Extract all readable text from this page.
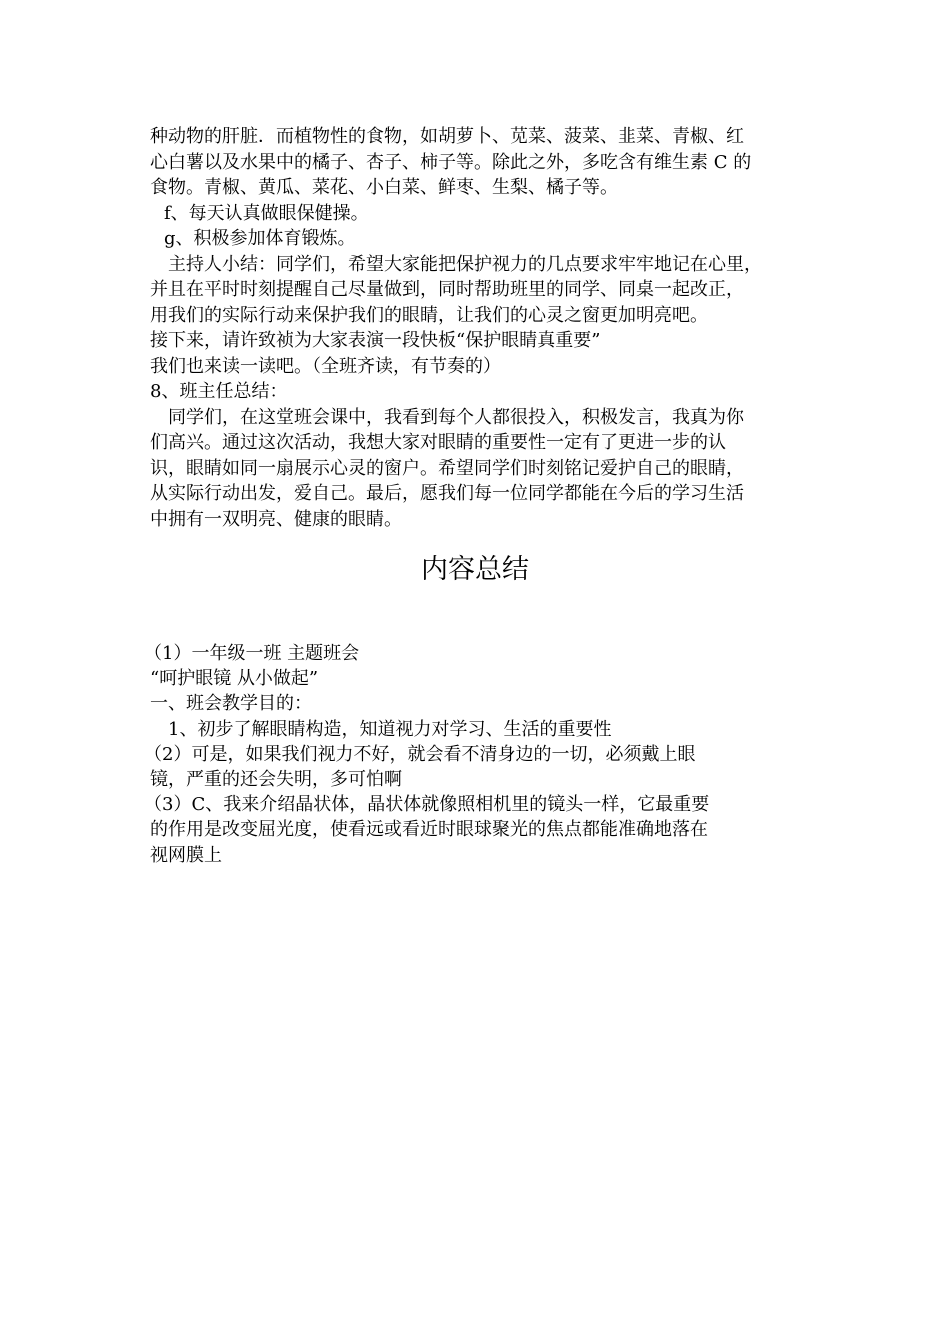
种动物的肝脏．而植物性的食物，如胡萝卜、苋菜、菠菜、韭菜、青椒、红

心白薯以及水果中的橘子、杏子、柿子等。除此之外，多吃含有维生素 C 的

食物。青椒、黄瓜、菜花、小白菜、鲜枣、生梨、橘子等。

f、每天认真做眼保健操。

g、积极参加体育锻炼。

主持人小结：同学们，希望大家能把保护视力的几点要求牢牢地记在心里，

并且在平时时刻提醒自己尽量做到，同时帮助班里的同学、同桌一起改正，

用我们的实际行动来保护我们的眼睛，让我们的心灵之窗更加明亮吧。

接下来，请许致祯为大家表演一段快板“保护眼睛真重要”

我们也来读一读吧。（全班齐读，有节奏的）

8、班主任总结：

同学们，在这堂班会课中，我看到每个人都很投入，积极发言，我真为你

们高兴。通过这次活动，我想大家对眼睛的重要性一定有了更进一步的认

识，眼睛如同一扇展示心灵的窗户。希望同学们时刻铭记爱护自己的眼睛，

从实际行动出发，爱自己。最后，愿我们每一位同学都能在今后的学习生活

中拥有一双明亮、健康的眼睛。

内容总结

（1）一年级一班 主题班会

“呵护眼镜 从小做起”

一、班会教学目的：

1、初步了解眼睛构造，知道视力对学习、生活的重要性

（2）可是，如果我们视力不好，就会看不清身边的一切，必须戴上眼

镜，严重的还会失明，多可怕啊

（3）C、我来介绍晶状体，晶状体就像照相机里的镜头一样，它最重要

的作用是改变屈光度，使看远或看近时眼球聚光的焦点都能准确地落在

视网膜上
